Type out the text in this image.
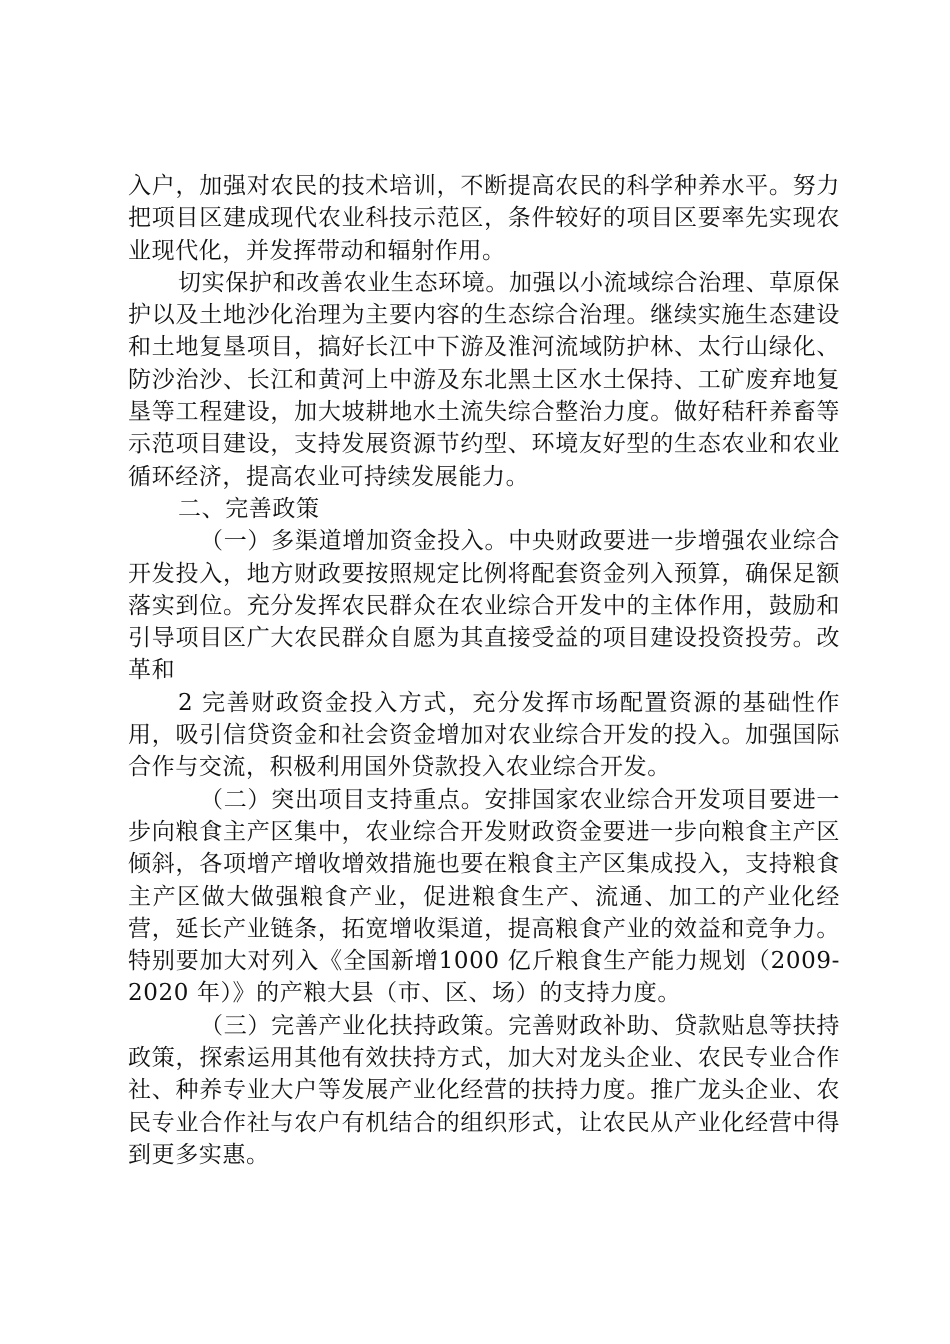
入户，加强对农民的技术培训，不断提高农民的科学种养水平。努力把项目区建成现代农业科技示范区，条件较好的项目区要率先实现农业现代化，并发挥带动和辐射作用。

切实保护和改善农业生态环境。加强以小流域综合治理、草原保护以及土地沙化治理为主要内容的生态综合治理。继续实施生态建设和土地复垦项目，搞好长江中下游及淮河流域防护林、太行山绿化、防沙治沙、长江和黄河上中游及东北黑土区水土保持、工矿废弃地复垦等工程建设，加大坡耕地水土流失综合整治力度。做好秸秆养畜等示范项目建设，支持发展资源节约型、环境友好型的生态农业和农业循环经济，提高农业可持续发展能力。

二、完善政策

（一）多渠道增加资金投入。中央财政要进一步增强农业综合开发投入，地方财政要按照规定比例将配套资金列入预算，确保足额落实到位。充分发挥农民群众在农业综合开发中的主体作用，鼓励和引导项目区广大农民群众自愿为其直接受益的项目建设投资投劳。改革和

2 完善财政资金投入方式，充分发挥市场配置资源的基础性作用，吸引信贷资金和社会资金增加对农业综合开发的投入。加强国际合作与交流，积极利用国外贷款投入农业综合开发。

（二）突出项目支持重点。安排国家农业综合开发项目要进一步向粮食主产区集中，农业综合开发财政资金要进一步向粮食主产区倾斜，各项增产增收增效措施也要在粮食主产区集成投入，支持粮食主产区做大做强粮食产业，促进粮食生产、流通、加工的产业化经营，延长产业链条，拓宽增收渠道，提高粮食产业的效益和竞争力。特别要加大对列入《全国新增1000 亿斤粮食生产能力规划（2009-2020 年）》的产粮大县（市、区、场）的支持力度。

（三）完善产业化扶持政策。完善财政补助、贷款贴息等扶持政策，探索运用其他有效扶持方式，加大对龙头企业、农民专业合作社、种养专业大户等发展产业化经营的扶持力度。推广龙头企业、农民专业合作社与农户有机结合的组织形式，让农民从产业化经营中得到更多实惠。
